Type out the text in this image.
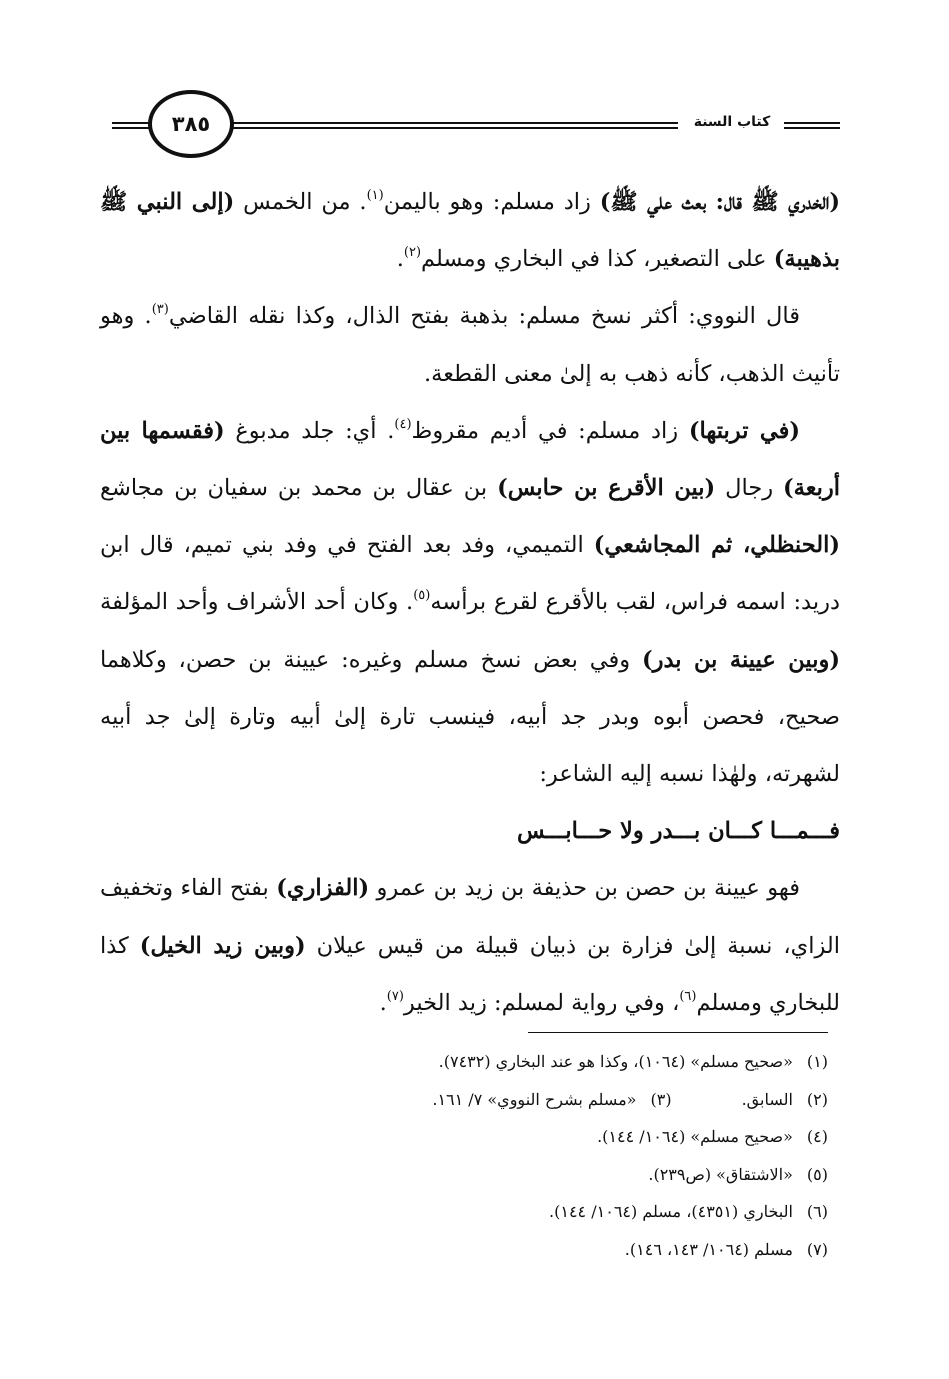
٣٨٥	كتاب السنة

(الخدري ﷺ قال: بعث علي ﷺ) زاد مسلم: وهو باليمن$^{(١)}$. من الخمس (إلى النبي ﷺ بذهيبة) على التصغير، كذا في البخاري ومسلم$^{(٢)}$.

قال النووي: أكثر نسخ مسلم: بذهبة بفتح الذال، وكذا نقله القاضي$^{(٣)}$. وهو تأنيث الذهب، كأنه ذهب به إلىٰ معنى القطعة.

(في تربتها) زاد مسلم: في أديم مقروظ$^{(٤)}$. أي: جلد مدبوغ (فقسمها بين أربعة) رجال (بين الأقرع بن حابس) بن عقال بن محمد بن سفيان بن مجاشع (الحنظلي، ثم المجاشعي) التميمي، وفد بعد الفتح في وفد بني تميم، قال ابن دريد: اسمه فراس، لقب بالأقرع لقرع برأسه$^{(٥)}$. وكان أحد الأشراف وأحد المؤلفة (وبين عيينة بن بدر) وفي بعض نسخ مسلم وغيره: عيينة بن حصن، وكلاهما صحيح، فحصن أبوه وبدر جد أبيه، فينسب تارة إلىٰ أبيه وتارة إلىٰ جد أبيه لشهرته، ولهٰذا نسبه إليه الشاعر:

فـــمـــا كـــان بـــدر ولا حـــابـــس

فهو عيينة بن حصن بن حذيفة بن زيد بن عمرو (الفزاري) بفتح الفاء وتخفيف الزاي، نسبة إلىٰ فزارة بن ذبيان قبيلة من قيس عيلان (وبين زيد الخيل) كذا للبخاري ومسلم$^{(٦)}$، وفي رواية لمسلم: زيد الخير$^{(٧)}$.

(١) «صحيح مسلم» (١٠٦٤)، وكذا هو عند البخاري (٧٤٣٢).
(٢) السابق.(٣) «مسلم بشرح النووي» ٧/ ١٦١.
(٤) «صحيح مسلم» (١٠٦٤/ ١٤٤).
(٥) «الاشتقاق» (ص٢٣٩).
(٦) البخاري (٤٣٥١)، مسلم (١٠٦٤/ ١٤٤).
(٧) مسلم (١٠٦٤/ ١٤٣، ١٤٦).
